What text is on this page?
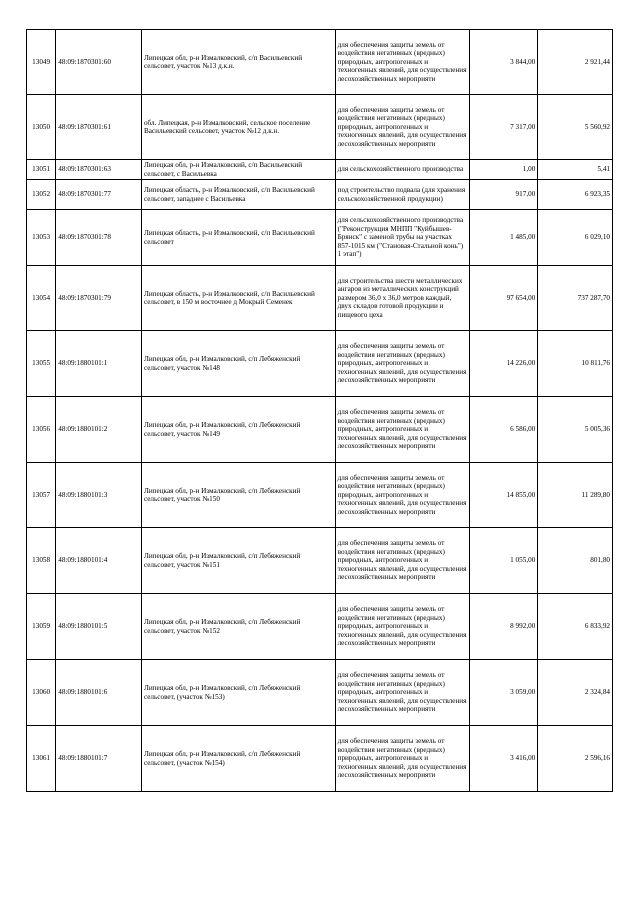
13049	48:09:1870301:60	Липецкая обл, р-н Измалковский, с/п Васильевский сельсовет, участок №13 д.к.н.	для обеспечения защиты земель от воздействия негативных (вредных) природных, антропогенных и техногенных явлений, для осуществления лесохозяйственных мероприяти	3 844,00	2 921,44
13050	48:09:1870301:61	обл. Липецкая, р-н Измалковский, сельское поселение Васильевский сельсовет, участок №12 д.к.н.	для обеспечения защиты земель от воздействия негативных (вредных) природных, антропогенных и техногенных явлений, для осуществления лесохозяйственных мероприяти	7 317,00	5 560,92
13051	48:09:1870301:63	Липецкая обл, р-н Измалковский, с/п Васильевский сельсовет, с Васильевка	для сельскохозяйственного производства	1,00	5,41
13052	48:09:1870301:77	Липецкая область, р-н Измалковский, с/п Васильевский сельсовет, западнее с Васильевка	под строительство подвала (для хранения сельскохозяйственной продукции)	917,00	6 923,35
13053	48:09:1870301:78	Липецкая область, р-н Измалковский, с/п Васильевский сельсовет	для сельскохозяйственного производства ("Реконструкция МНПП "Куйбышев-Брянск" с заменой трубы на участках 857-1015 км ("Становая-Стальной конь") 1 этап")	1 485,00	6 029,10
13054	48:09:1870301:79	Липецкая область, р-н Измалковский, с/п Васильевский сельсовет, в 150 м восточнее д Мокрый Семенек	для строительства шести металлических ангаров из металлических конструкций размером 36,0 х 36,0 метров каждый, двух складов готовой продукции и пищевого цеха	97 654,00	737 287,70
13055	48:09:1880101:1	Липецкая обл, р-н Измалковский, с/п Лебяженский сельсовет, участок №148	для обеспечения защиты земель от воздействия негативных (вредных) природных, антропогенных и техногенных явлений, для осуществления лесохозяйственных мероприяти	14 226,00	10 811,76
13056	48:09:1880101:2	Липецкая обл, р-н Измалковский, с/п Лебяженский сельсовет, участок №149	для обеспечения защиты земель от воздействия негативных (вредных) природных, антропогенных и техногенных явлений, для осуществления лесохозяйственных мероприяти	6 586,00	5 005,36
13057	48:09:1880101:3	Липецкая обл, р-н Измалковский, с/п Лебяженский сельсовет, участок №150	для обеспечения защиты земель от воздействия негативных (вредных) природных, антропогенных и техногенных явлений, для осуществления лесохозяйственных мероприяти	14 855,00	11 289,80
13058	48:09:1880101:4	Липецкая обл, р-н Измалковский, с/п Лебяженский сельсовет, участок №151	для обеспечения защиты земель от воздействия негативных (вредных) природных, антропогенных и техногенных явлений, для осуществления лесохозяйственных мероприяти	1 055,00	801,80
13059	48:09:1880101:5	Липецкая обл, р-н Измалковский, с/п Лебяженский сельсовет, участок №152	для обеспечения защиты земель от воздействия негативных (вредных) природных, антропогенных и техногенных явлений, для осуществления лесохозяйственных мероприяти	8 992,00	6 833,92
13060	48:09:1880101:6	Липецкая обл, р-н Измалковский, с/п Лебяженский сельсовет, (участок №153)	для обеспечения защиты земель от воздействия негативных (вредных) природных, антропогенных и техногенных явлений, для осуществления лесохозяйственных мероприяти	3 059,00	2 324,84
13061	48:09:1880101:7	Липецкая обл, р-н Измалковский, с/п Лебяженский сельсовет, (участок №154)	для обеспечения защиты земель от воздействия негативных (вредных) природных, антропогенных и техногенных явлений, для осуществления лесохозяйственных мероприяти	3 416,00	2 596,16
